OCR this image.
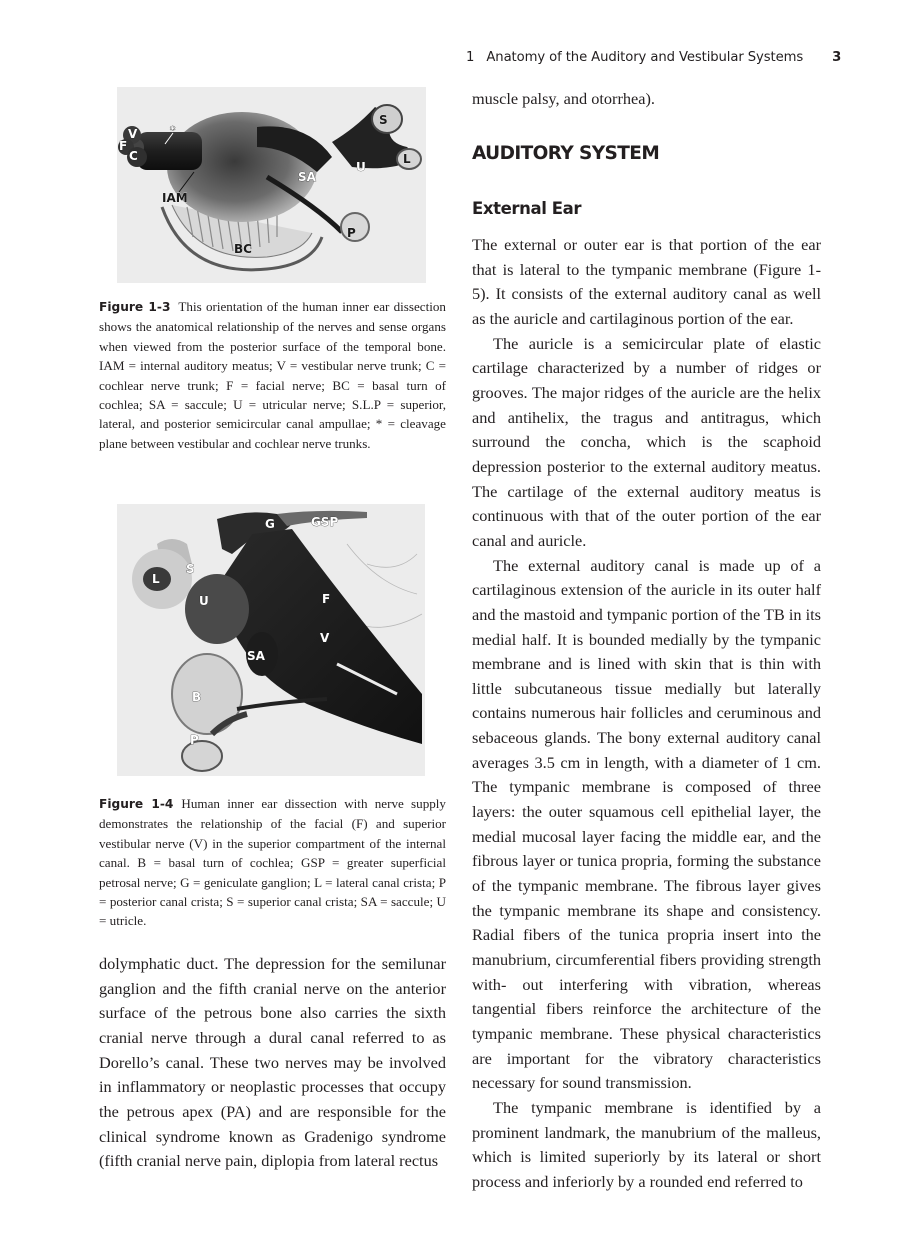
1 Anatomy of the Auditory and Vestibular Systems 3
V
F
C
*
IAM
BC
SA
S
L
U
P
Figure 1-3 This orientation of the human inner ear dissection shows the anatomical relationship of the nerves and sense organs when viewed from the posterior surface of the temporal bone. IAM = internal auditory meatus; V = vestibular nerve trunk; C = cochlear nerve trunk; F = facial nerve; BC = basal turn of cochlea; SA = saccule; U = utricular nerve; S.L.P = superior, lateral, and posterior semicircular canal ampullae; * = cleavage plane between vestibular and cochlear nerve trunks.
G	GSP
L
S
U	F
V
SA
B
P
Figure 1-4 Human inner ear dissection with nerve supply demonstrates the relationship of the facial (F) and superior vestibular nerve (V) in the superior compartment of the internal canal. B = basal turn of cochlea; GSP = greater superficial petrosal nerve; G = geniculate ganglion; L = lateral canal crista; P = posterior canal crista; S = superior canal crista; SA = saccule; U = utricle.

dolymphatic duct. The depression for the semilunar ganglion and the fifth cranial nerve on the anterior surface of the petrous bone also carries the sixth cranial nerve through a dural canal referred to as Dorello’s canal. These two nerves may be involved in inflammatory or neoplastic processes that occupy the petrous apex (PA) and are responsible for the clinical syndrome known as Gradenigo syndrome (fifth cranial nerve pain, diplopia from lateral rectus

muscle palsy, and otorrhea).

AUDITORY SYSTEM
External Ear

The external or outer ear is that portion of the ear that is lateral to the tympanic membrane (Figure 1-5). It consists of the external auditory canal as well as the auricle and cartilaginous portion of the ear.

The auricle is a semicircular plate of elastic cartilage characterized by a number of ridges or grooves. The major ridges of the auricle are the helix and antihelix, the tragus and antitragus, which surround the concha, which is the scaphoid depression posterior to the external auditory meatus. The cartilage of the external auditory meatus is continuous with that of the outer portion of the ear canal and auricle.

The external auditory canal is made up of a cartilaginous extension of the auricle in its outer half and the mastoid and tympanic portion of the TB in its medial half. It is bounded medially by the tympanic membrane and is lined with skin that is thin with little subcutaneous tissue medially but laterally contains numerous hair follicles and ceruminous and sebaceous glands. The bony external auditory canal averages 3.5 cm in length, with a diameter of 1 cm. The tympanic membrane is composed of three layers: the outer squamous cell epithelial layer, the medial mucosal layer facing the middle ear, and the fibrous layer or tunica propria, forming the substance of the tympanic membrane. The fibrous layer gives the tympanic membrane its shape and consistency. Radial fibers of the tunica propria insert into the manubrium, circumferential fibers providing strength with- out interfering with vibration, whereas tangential fibers reinforce the architecture of the tympanic membrane. These physical characteristics are important for the vibratory characteristics necessary for sound transmission.

The tympanic membrane is identified by a prominent landmark, the manubrium of the malleus, which is limited superiorly by its lateral or short process and inferiorly by a rounded end referred to
